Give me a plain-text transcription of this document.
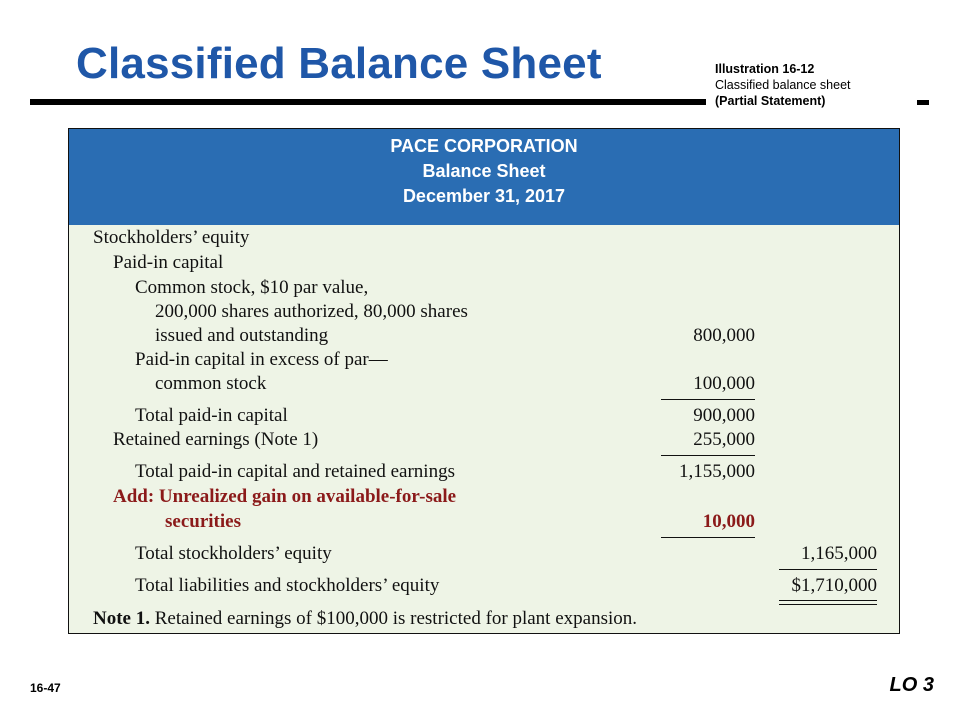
Classified Balance Sheet	Illustration 16-12
Classified balance sheet
(Partial Statement)
PACE CORPORATION
Balance Sheet
December 31, 2017
Stockholders’ equity
Paid-in capital
Common stock, $10 par value,
200,000 shares authorized, 80,000 shares
issued and outstanding	800,000
Paid-in capital in excess of par—
common stock	100,000
Total paid-in capital	900,000
Retained earnings (Note 1)	255,000
Total paid-in capital and retained earnings	1,155,000
Add: Unrealized gain on available-for-sale
securities	10,000
Total stockholders’ equity	1,165,000
Total liabilities and stockholders’ equity	$1,710,000
Note 1. Retained earnings of $100,000 is restricted for plant expansion.
16-47	LO 3
